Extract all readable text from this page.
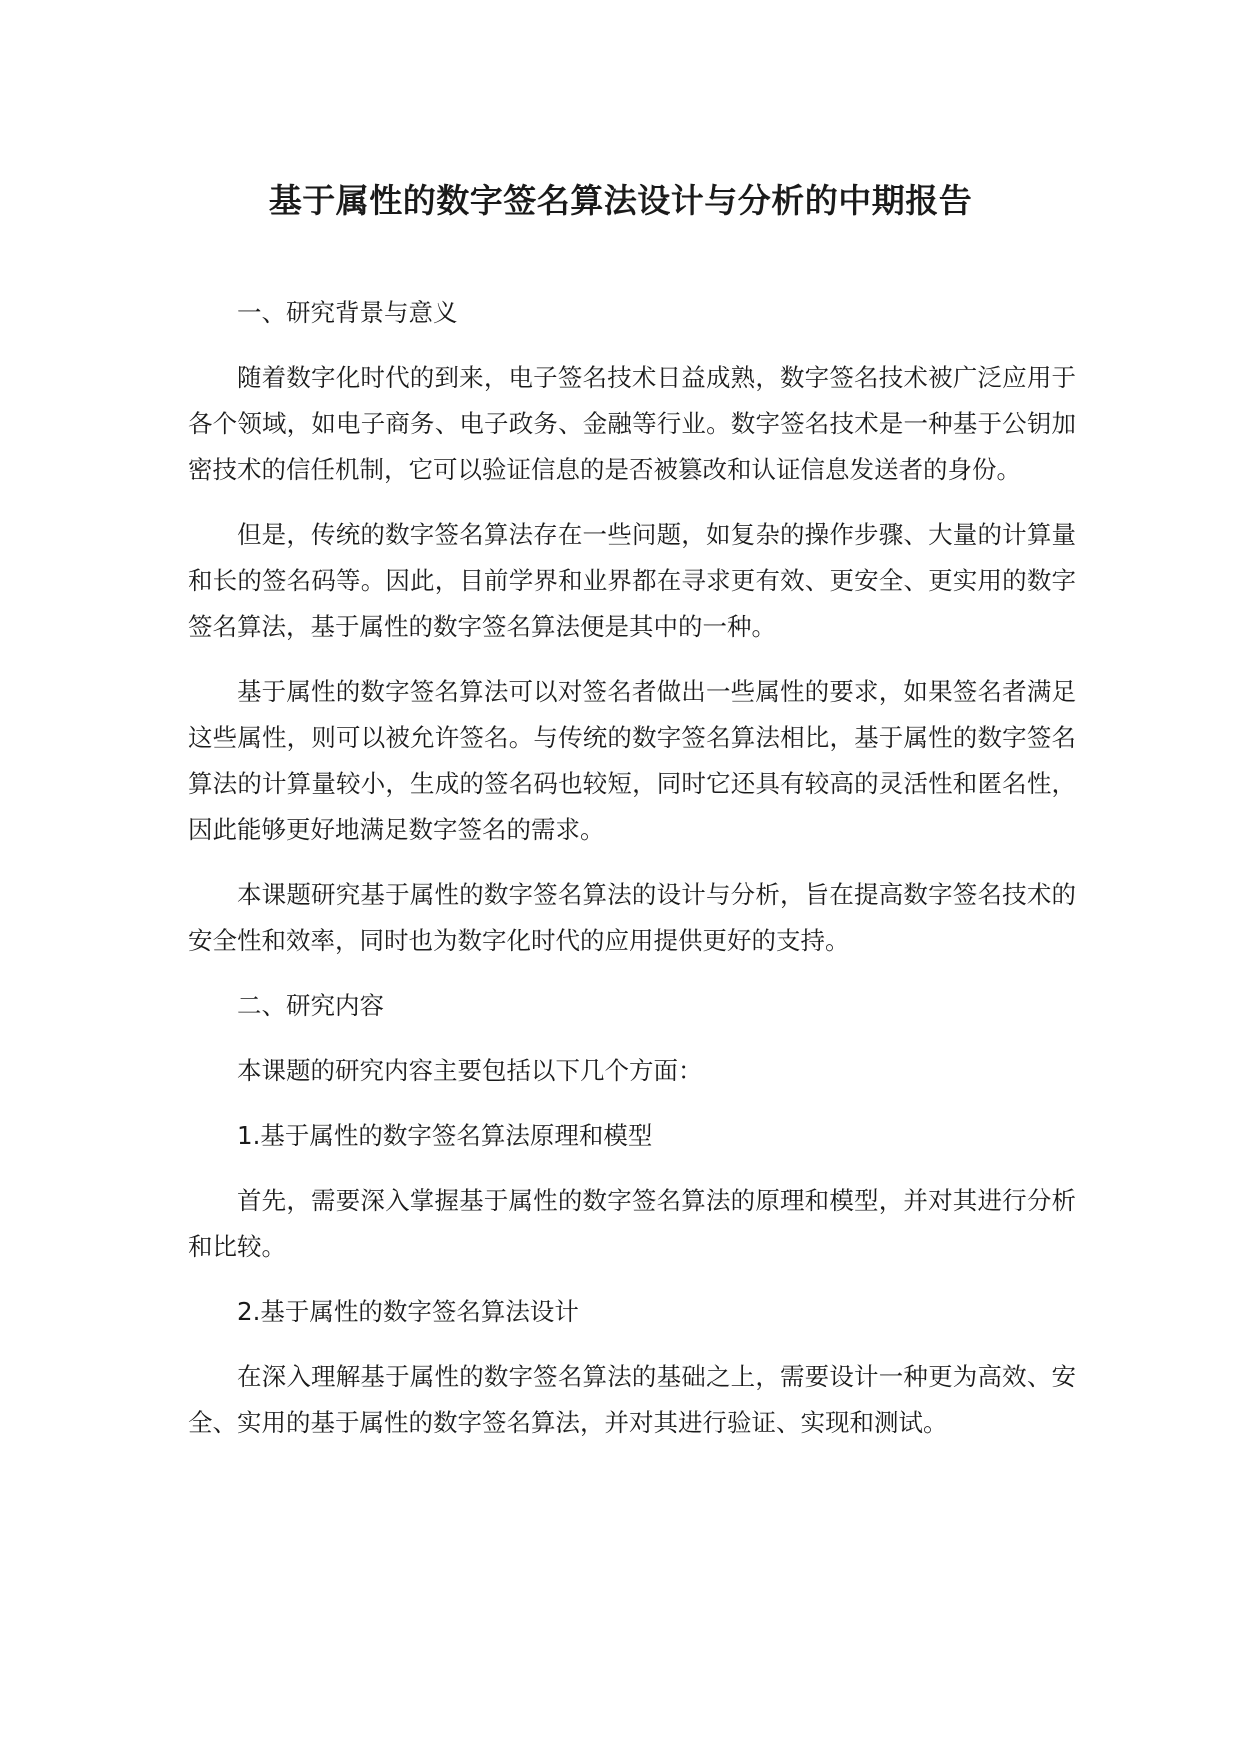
基于属性的数字签名算法设计与分析的中期报告

一、研究背景与意义

随着数字化时代的到来，电子签名技术日益成熟，数字签名技术被广泛应用于各个领域，如电子商务、电子政务、金融等行业。数字签名技术是一种基于公钥加密技术的信任机制，它可以验证信息的是否被篡改和认证信息发送者的身份。

但是，传统的数字签名算法存在一些问题，如复杂的操作步骤、大量的计算量和长的签名码等。因此，目前学界和业界都在寻求更有效、更安全、更实用的数字签名算法，基于属性的数字签名算法便是其中的一种。

基于属性的数字签名算法可以对签名者做出一些属性的要求，如果签名者满足这些属性，则可以被允许签名。与传统的数字签名算法相比，基于属性的数字签名算法的计算量较小，生成的签名码也较短，同时它还具有较高的灵活性和匿名性，因此能够更好地满足数字签名的需求。

本课题研究基于属性的数字签名算法的设计与分析，旨在提高数字签名技术的安全性和效率，同时也为数字化时代的应用提供更好的支持。

二、研究内容

本课题的研究内容主要包括以下几个方面：

1.基于属性的数字签名算法原理和模型

首先，需要深入掌握基于属性的数字签名算法的原理和模型，并对其进行分析和比较。

2.基于属性的数字签名算法设计

在深入理解基于属性的数字签名算法的基础之上，需要设计一种更为高效、安全、实用的基于属性的数字签名算法，并对其进行验证、实现和测试。
